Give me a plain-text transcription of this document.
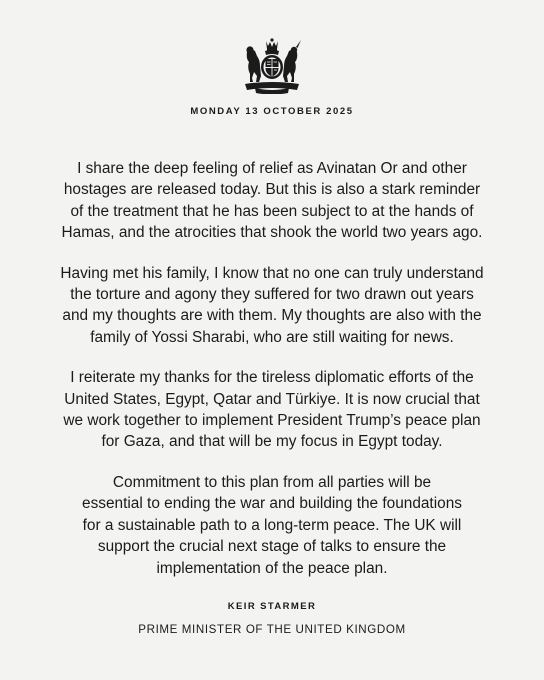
MONDAY 13 OCTOBER 2025

I share the deep feeling of relief as Avinatan Or and other
hostages are released today. But this is also a stark reminder
of the treatment that he has been subject to at the hands of
Hamas, and the atrocities that shook the world two years ago.

Having met his family, I know that no one can truly understand
the torture and agony they suffered for two drawn out years
and my thoughts are with them. My thoughts are also with the
family of Yossi Sharabi, who are still waiting for news.

I reiterate my thanks for the tireless diplomatic efforts of the
United States, Egypt, Qatar and Türkiye. It is now crucial that
we work together to implement President Trump’s peace plan
for Gaza, and that will be my focus in Egypt today.

Commitment to this plan from all parties will be
essential to ending the war and building the foundations
for a sustainable path to a long-term peace. The UK will
support the crucial next stage of talks to ensure the
implementation of the peace plan.

KEIR STARMER
PRIME MINISTER OF THE UNITED KINGDOM
